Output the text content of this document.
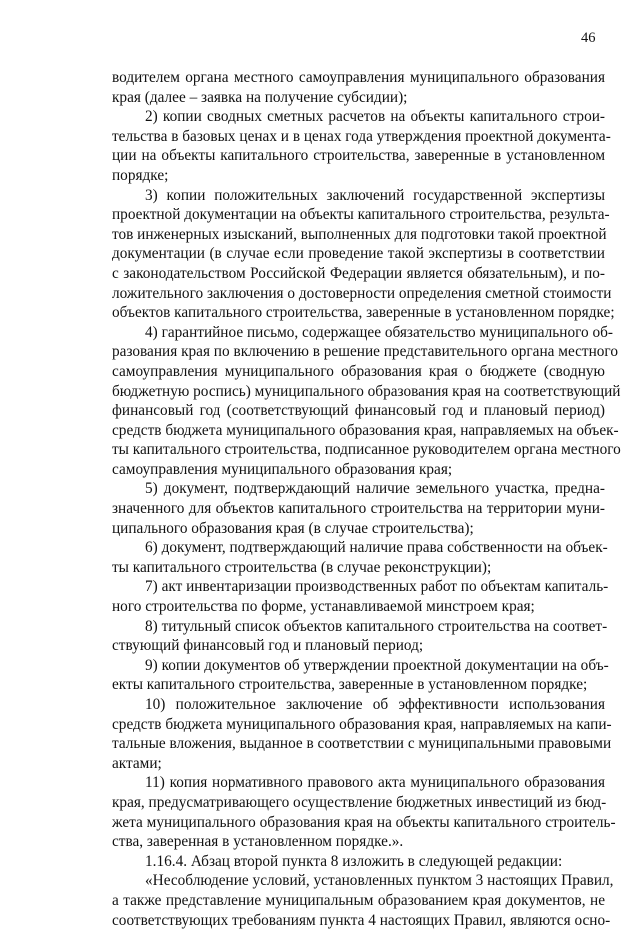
46
водителем органа местного самоуправления муниципального образования
края (далее – заявка на получение субсидии);
2) копии сводных сметных расчетов на объекты капитального строи-
тельства в базовых ценах и в ценах года утверждения проектной документа-
ции на объекты капитального строительства, заверенные в установленном
порядке;
3) копии положительных заключений государственной экспертизы
проектной документации на объекты капитального строительства, результа-
тов инженерных изысканий, выполненных для подготовки такой проектной
документации (в случае если проведение такой экспертизы в соответствии
с законодательством Российской Федерации является обязательным), и по-
ложительного заключения о достоверности определения сметной стоимости
объектов капитального строительства, заверенные в установленном порядке;
4) гарантийное письмо, содержащее обязательство муниципального об-
разования края по включению в решение представительного органа местного
самоуправления муниципального образования края о бюджете (сводную
бюджетную роспись) муниципального образования края на соответствующий
финансовый год (соответствующий финансовый год и плановый период)
средств бюджета муниципального образования края, направляемых на объек-
ты капитального строительства, подписанное руководителем органа местного
самоуправления муниципального образования края;
5) документ, подтверждающий наличие земельного участка, предна-
значенного для объектов капитального строительства на территории муни-
ципального образования края (в случае строительства);
6) документ, подтверждающий наличие права собственности на объек-
ты капитального строительства (в случае реконструкции);
7) акт инвентаризации производственных работ по объектам капиталь-
ного строительства по форме, устанавливаемой минстроем края;
8) титульный список объектов капитального строительства на соответ-
ствующий финансовый год и плановый период;
9) копии документов об утверждении проектной документации на объ-
екты капитального строительства, заверенные в установленном порядке;
10) положительное заключение об эффективности использования
средств бюджета муниципального образования края, направляемых на капи-
тальные вложения, выданное в соответствии с муниципальными правовыми
актами;
11) копия нормативного правового акта муниципального образования
края, предусматривающего осуществление бюджетных инвестиций из бюд-
жета муниципального образования края на объекты капитального строитель-
ства, заверенная в установленном порядке.».
1.16.4. Абзац второй пункта 8 изложить в следующей редакции:
«Несоблюдение условий, установленных пунктом 3 настоящих Правил,
а также представление муниципальным образованием края документов, не
соответствующих требованиям пункта 4 настоящих Правил, являются осно-
